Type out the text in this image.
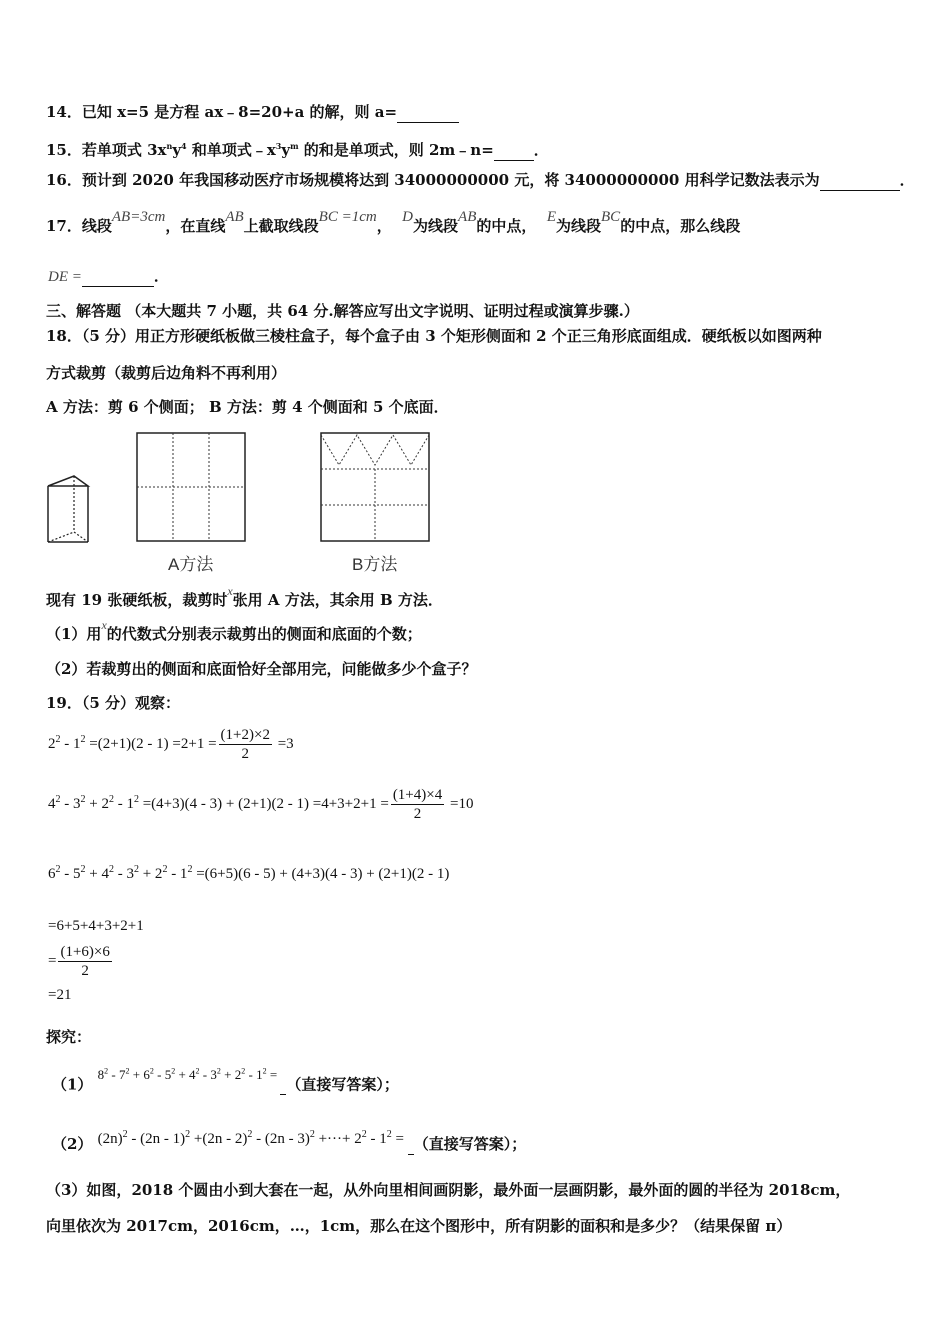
14．已知 x=5 是方程 ax﹣8=20+a 的解，则 a=
15．若单项式 $3x^ny^4$ 和单项式$﹣x^3y^m$ 的和是单项式，则 2m﹣n=	．
16．预计到 2020 年我国移动医疗市场规模将达到 34000000000 元，将 34000000000 用科学记数法表示为	．
17．线段AB=3cm，在直线AB上截取线段BC =1cm， D为线段AB的中点， E为线段BC的中点，那么线段
DE =	．
三、解答题 （本大题共 7 小题，共 64 分.解答应写出文字说明、证明过程或演算步骤.）
18．（5 分）用正方形硬纸板做三棱柱盒子，每个盒子由 3 个矩形侧面和 2 个正三角形底面组成．硬纸板以如图两种
方式裁剪（裁剪后边角料不再利用）
A 方法：剪 6 个侧面； B 方法：剪 4 个侧面和 5 个底面．
A方法	B方法
现有 19 张硬纸板，裁剪时$^x$张用 A 方法，其余用 B 方法．
（1）用$^x$的代数式分别表示裁剪出的侧面和底面的个数；
（2）若裁剪出的侧面和底面恰好全部用完，问能做多少个盒子？
19．（5 分）观察：
$2^2 - 1^2 =(2+1)(2 - 1) =2+1 = \frac{(1+2)\times 2}{2} =3$
$4^2 - 3^2 + 2^2 - 1^2 =(4+3)(4 - 3) + (2+1)(2 - 1) =4+3+2+1 = \frac{(1+4)\times 4}{2} =10$
$6^2 - 5^2 + 4^2 - 3^2 + 2^2 - 1^2 =(6+5)(6 - 5) + (4+3)(4 - 3) + (2+1)(2 - 1)$
=6+5+4+3+2+1
= $\frac{(1+6)\times 6}{2}$
=21
探究：
（1） $8^2 - 7^2 + 6^2 - 5^2 + 4^2 - 3^2 + 2^2 - 1^2$ =  （直接写答案）；
（2） $(2n)^2 - (2n - 1)^2 +(2n - 2)^2 - (2n - 3)^2$ +···+ $2^2 - 1^2$ = （直接写答案）；
（3）如图，2018 个圆由小到大套在一起，从外向里相间画阴影，最外面一层画阴影，最外面的圆的半径为 2018cm，
向里依次为 2017cm，2016cm，…，1cm，那么在这个图形中，所有阴影的面积和是多少？（结果保留 π）
